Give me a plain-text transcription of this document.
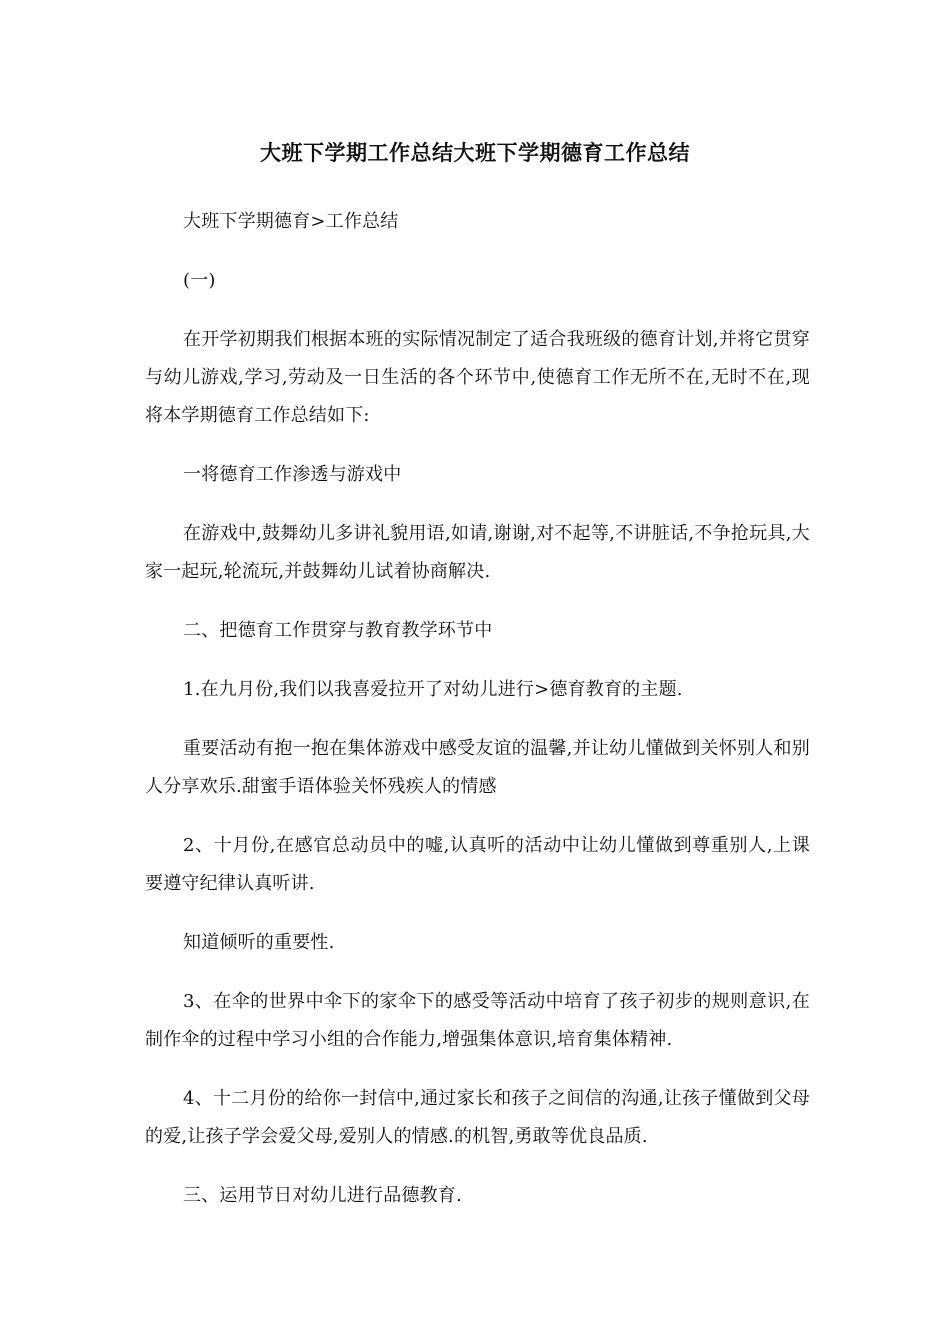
大班下学期工作总结大班下学期德育工作总结

大班下学期德育>工作总结

(一)

在开学初期我们根据本班的实际情况制定了适合我班级的德育计划,并将它贯穿与幼儿游戏,学习,劳动及一日生活的各个环节中,使德育工作无所不在,无时不在,现将本学期德育工作总结如下:

一将德育工作渗透与游戏中

在游戏中,鼓舞幼儿多讲礼貌用语,如请,谢谢,对不起等,不讲脏话,不争抢玩具,大家一起玩,轮流玩,并鼓舞幼儿试着协商解决.

二、把德育工作贯穿与教育教学环节中

1.在九月份,我们以我喜爱拉开了对幼儿进行>德育教育的主题.

重要活动有抱一抱在集体游戏中感受友谊的温馨,并让幼儿懂做到关怀别人和别人分享欢乐.甜蜜手语体验关怀残疾人的情感

2、十月份,在感官总动员中的嘘,认真听的活动中让幼儿懂做到尊重别人,上课要遵守纪律认真听讲.

知道倾听的重要性.

3、在伞的世界中伞下的家伞下的感受等活动中培育了孩子初步的规则意识,在制作伞的过程中学习小组的合作能力,增强集体意识,培育集体精神.

4、十二月份的给你一封信中,通过家长和孩子之间信的沟通,让孩子懂做到父母的爱,让孩子学会爱父母,爱别人的情感.的机智,勇敢等优良品质.

三、运用节日对幼儿进行品德教育.
